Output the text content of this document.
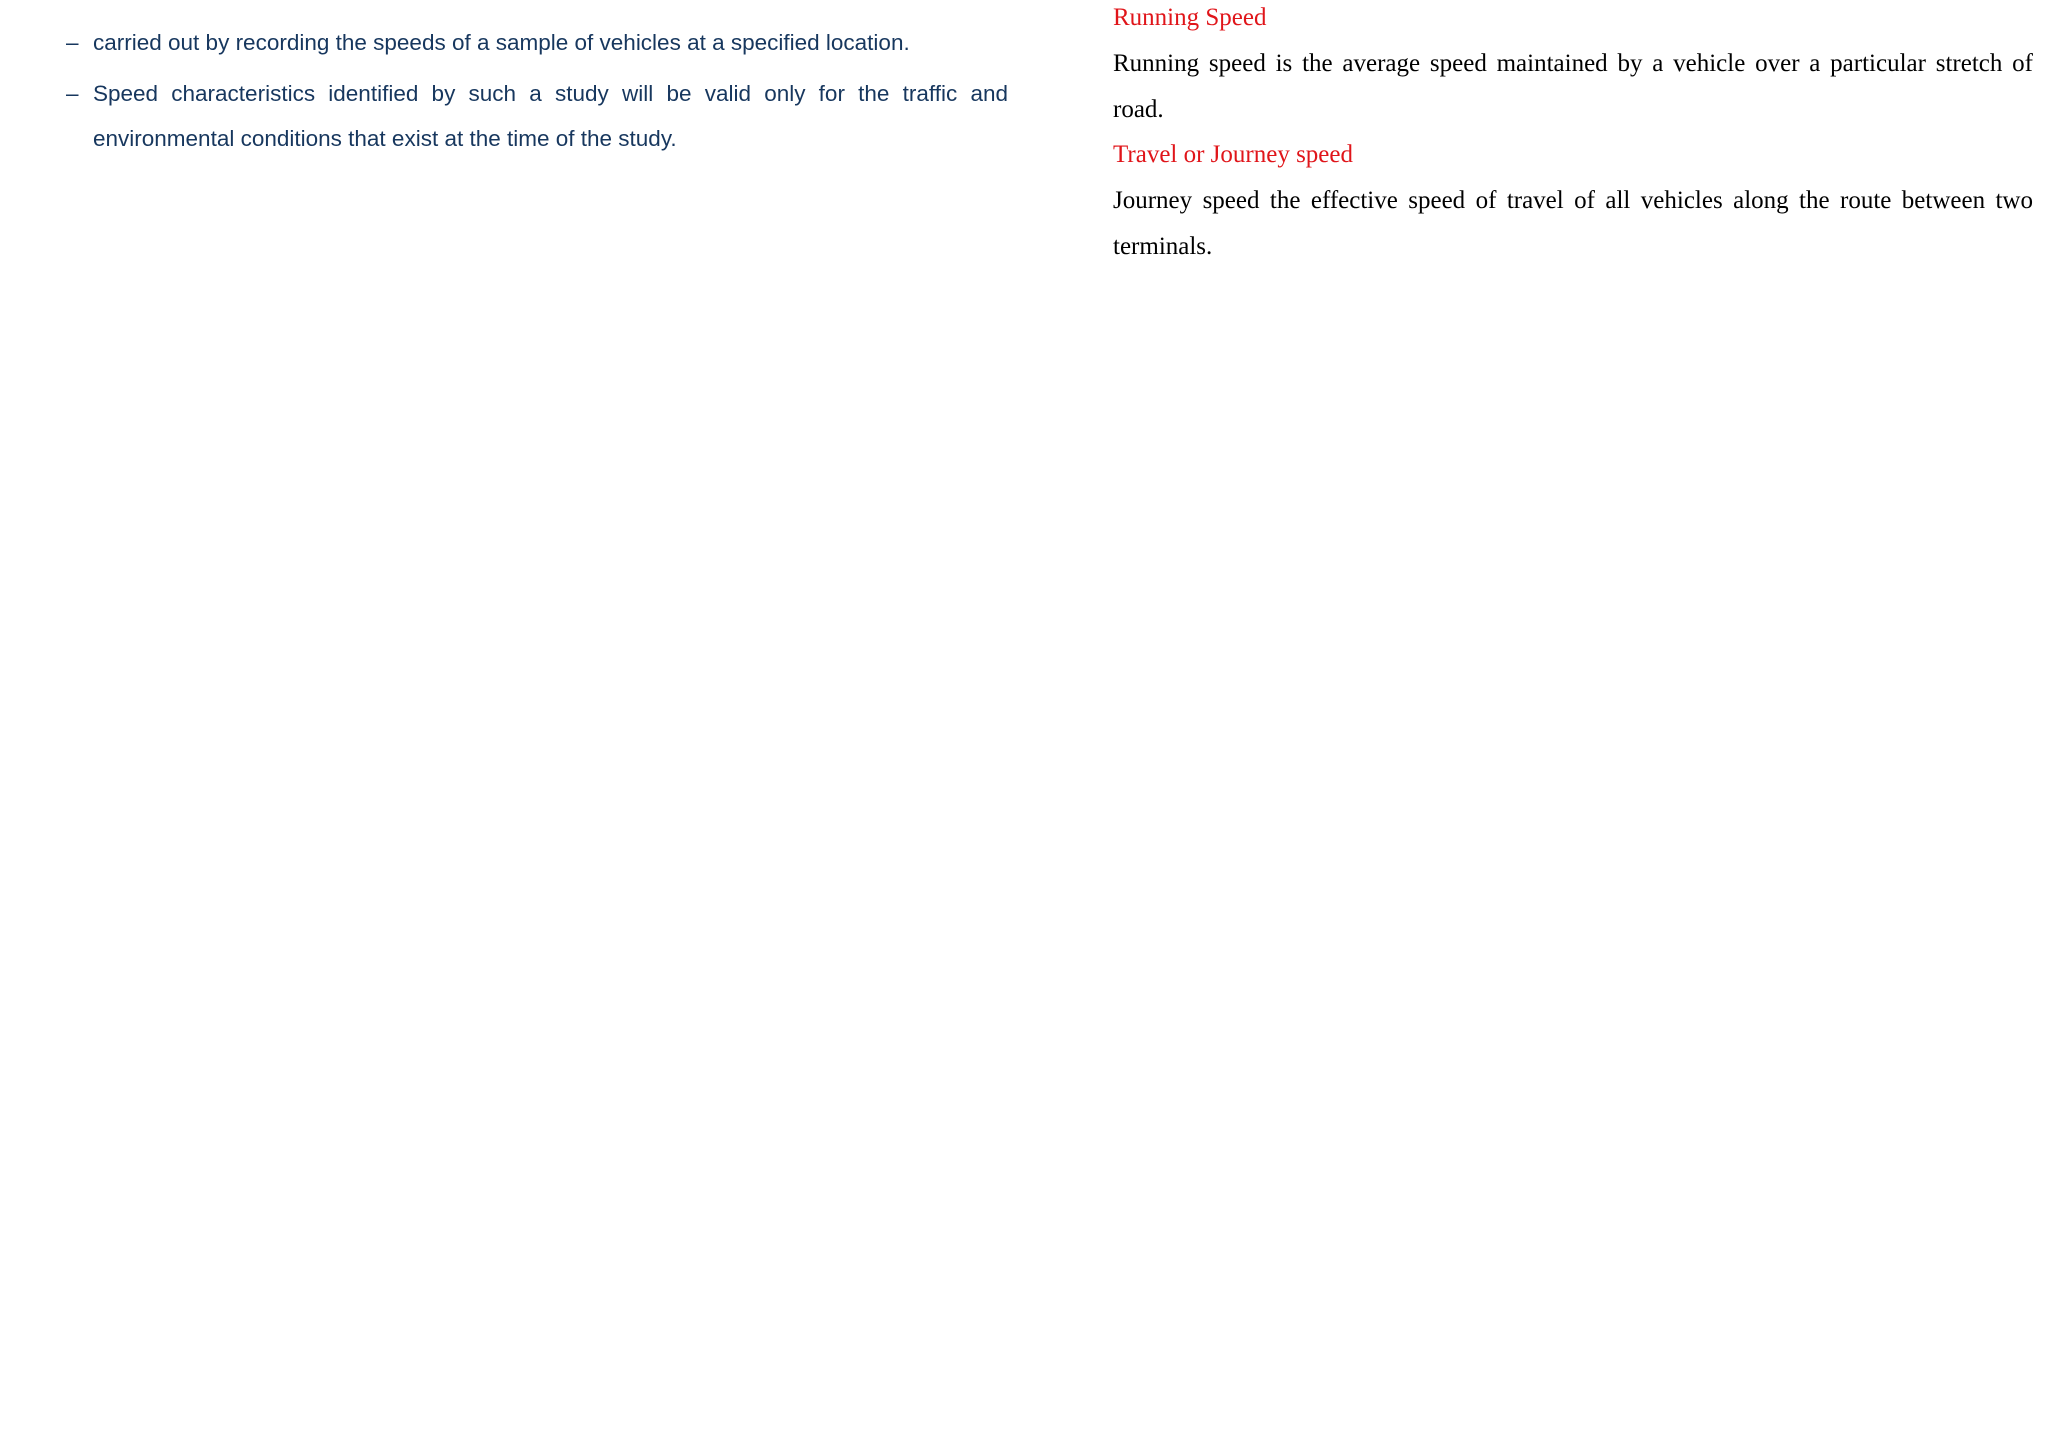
– carried out by recording the speeds of a sample of vehicles at a specified location.
– Speed characteristics identified by such a study will be valid only for the traffic and environmental conditions that exist at the time of the study.
Running Speed
Running speed is the average speed maintained by a vehicle over a particular stretch of road.
Travel or Journey speed
Journey speed the effective speed of travel of all vehicles along the route between two terminals.
